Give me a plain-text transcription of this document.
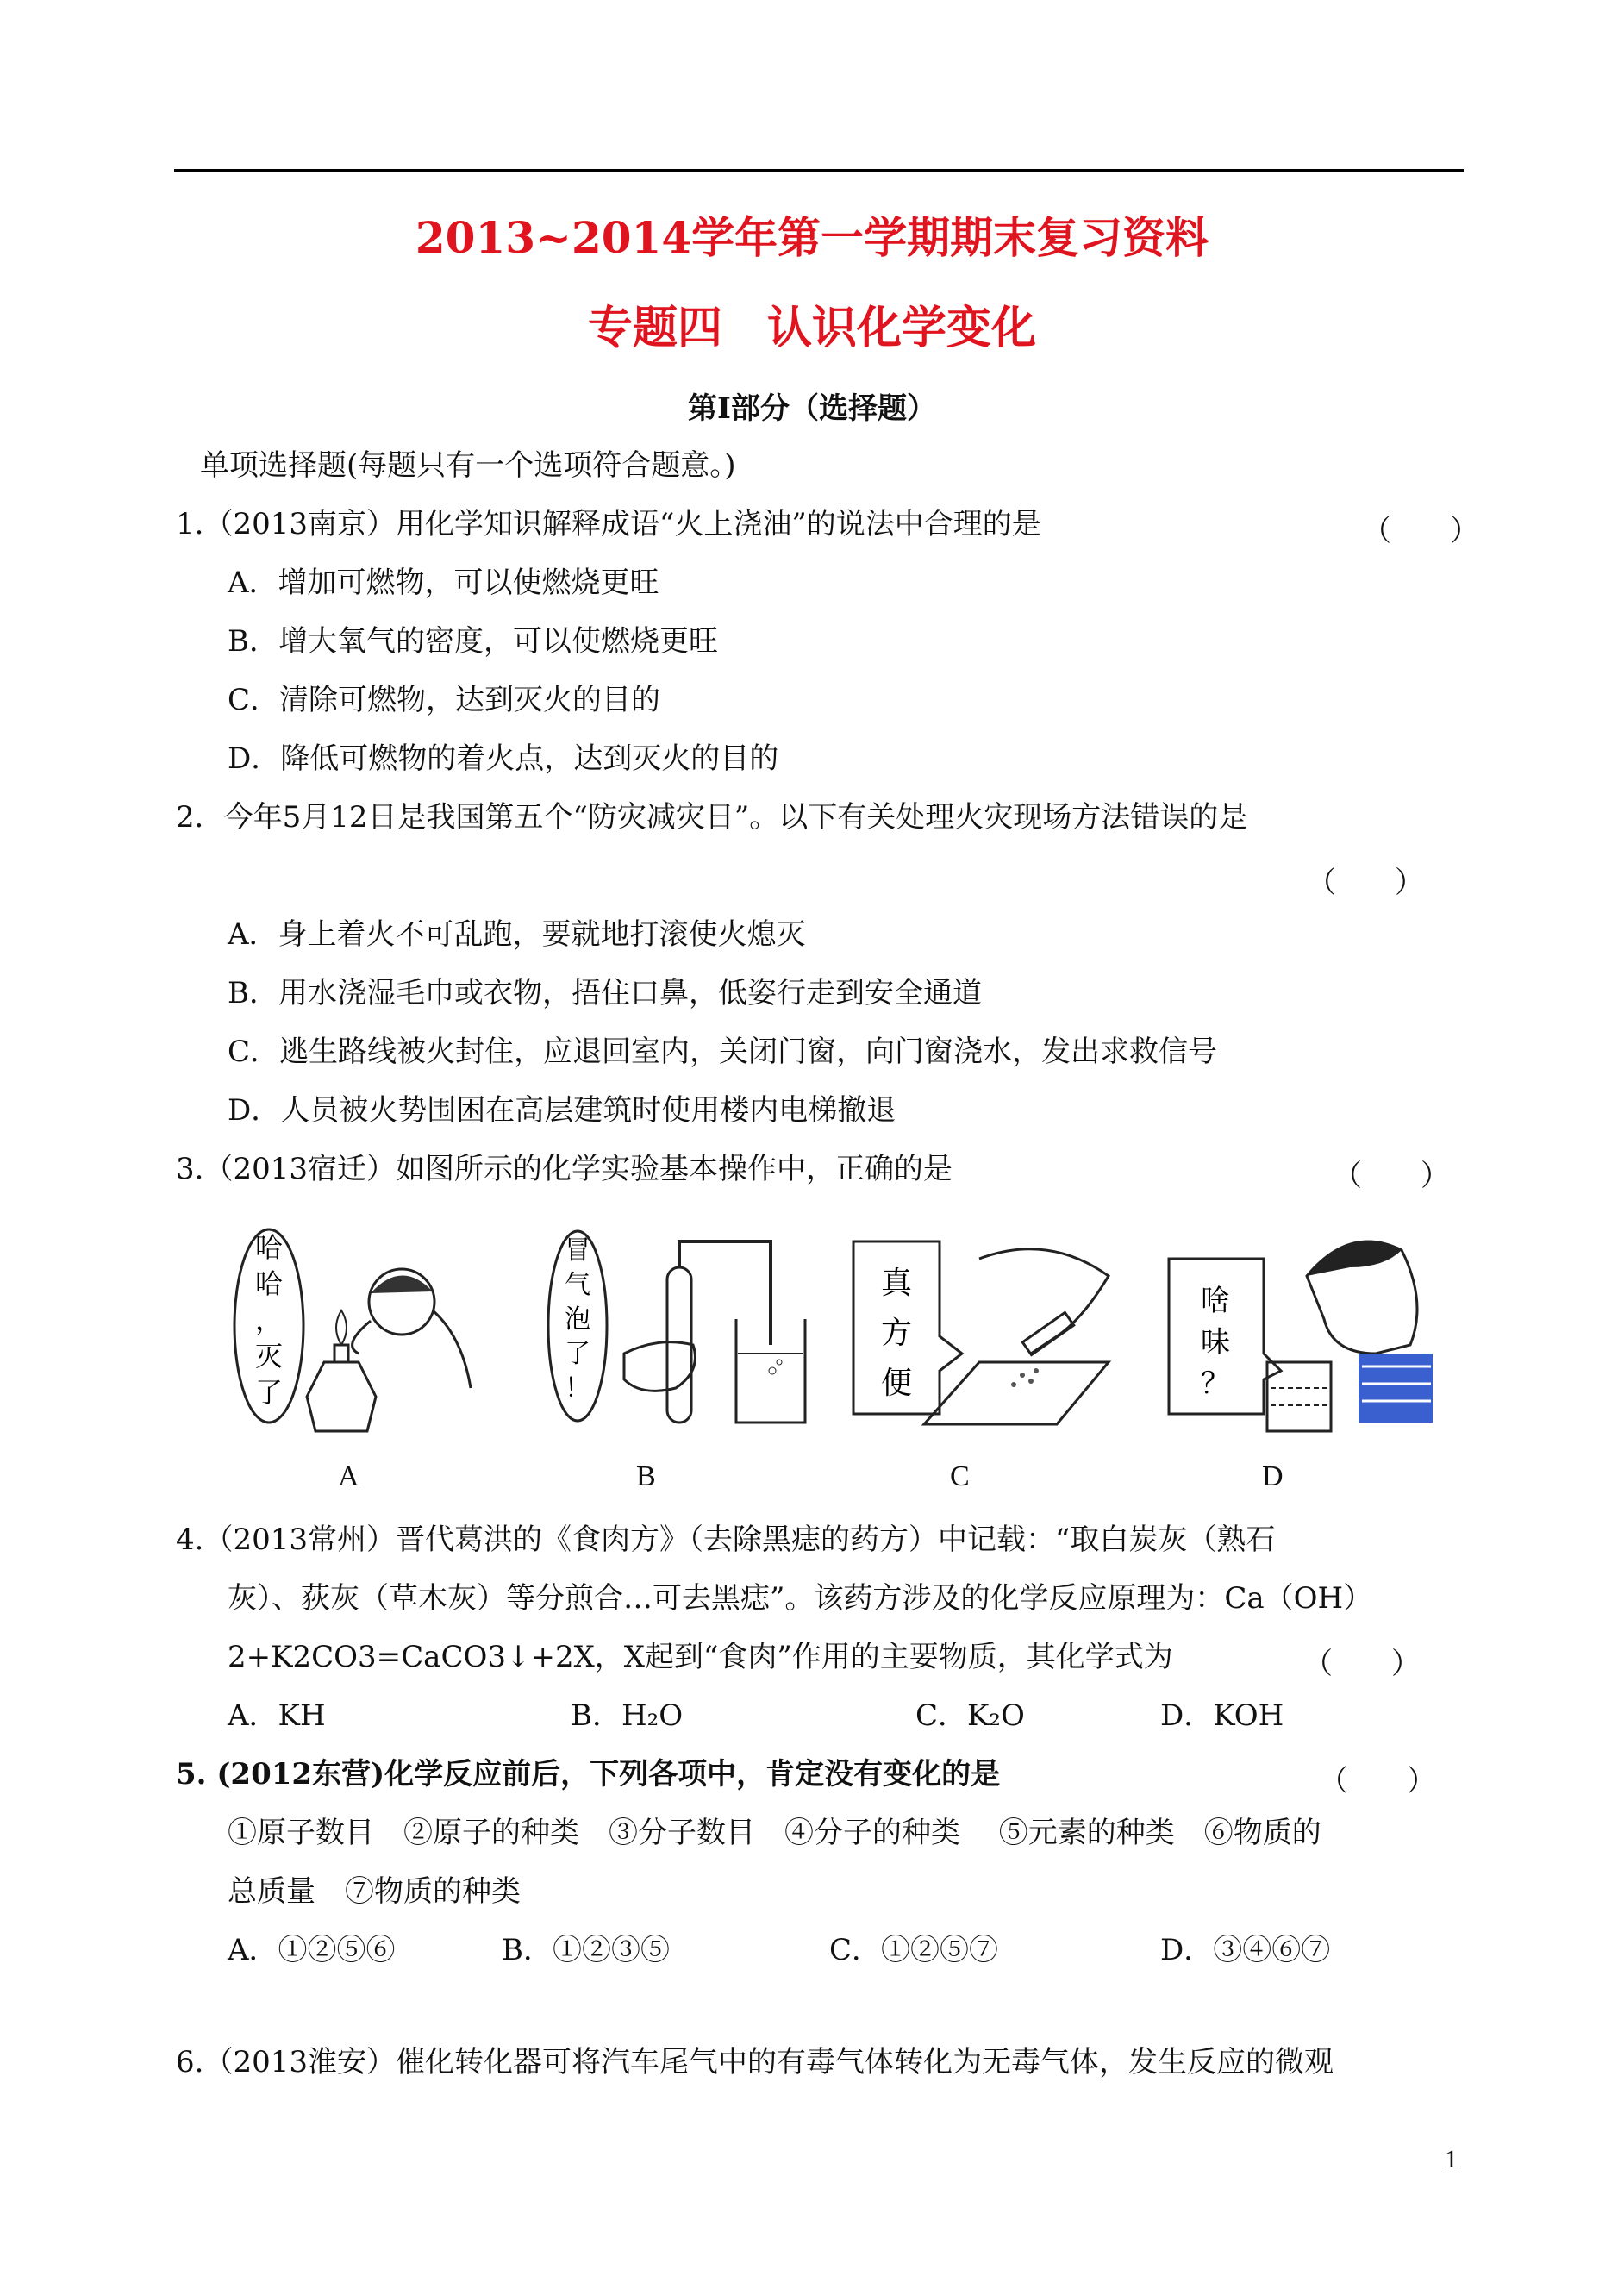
2013~2014学年第一学期期末复习资料
专题四　认识化学变化
第Ⅰ部分（选择题）
单项选择题(每题只有一个选项符合题意。)
1.（2013南京）用化学知识解释成语“火上浇油”的说法中合理的是	（　　）
A．增加可燃物，可以使燃烧更旺
B．增大氧气的密度，可以使燃烧更旺
C．清除可燃物，达到灭火的目的
D．降低可燃物的着火点，达到灭火的目的
2．今年5月12日是我国第五个“防灾减灾日”。以下有关处理火灾现场方法错误的是
（　　）
A．身上着火不可乱跑，要就地打滚使火熄灭
B．用水浇湿毛巾或衣物，捂住口鼻，低姿行走到安全通道
C．逃生路线被火封住，应退回室内，关闭门窗，向门窗浇水，发出求救信号
D．人员被火势围困在高层建筑时使用楼内电梯撤退
3.（2013宿迁）如图所示的化学实验基本操作中，正确的是	（　　）
哈
哈
，
灭
了
A
冒
气
泡
了
！
B
真
方
便
C
啥
味
？
D
4.（2013常州）晋代葛洪的《食肉方》（去除黑痣的药方）中记载：“取白炭灰（熟石
灰）、荻灰（草木灰）等分煎合…可去黑痣”。该药方涉及的化学反应原理为：Ca（OH）
2+K2CO3=CaCO3↓+2X，X起到“食肉”作用的主要物质，其化学式为	（　　）
A．KH	B．H₂O	C．K₂O	D．KOH
5. (2012东营)化学反应前后，下列各项中，肯定没有变化的是	（　　）
①原子数目　②原子的种类　③分子数目　④分子的种类　 ⑤元素的种类　⑥物质的
总质量　⑦物质的种类
A．①②⑤⑥	B．①②③⑤	C．①②⑤⑦	D．③④⑥⑦
6.（2013淮安）催化转化器可将汽车尾气中的有毒气体转化为无毒气体，发生反应的微观
1
